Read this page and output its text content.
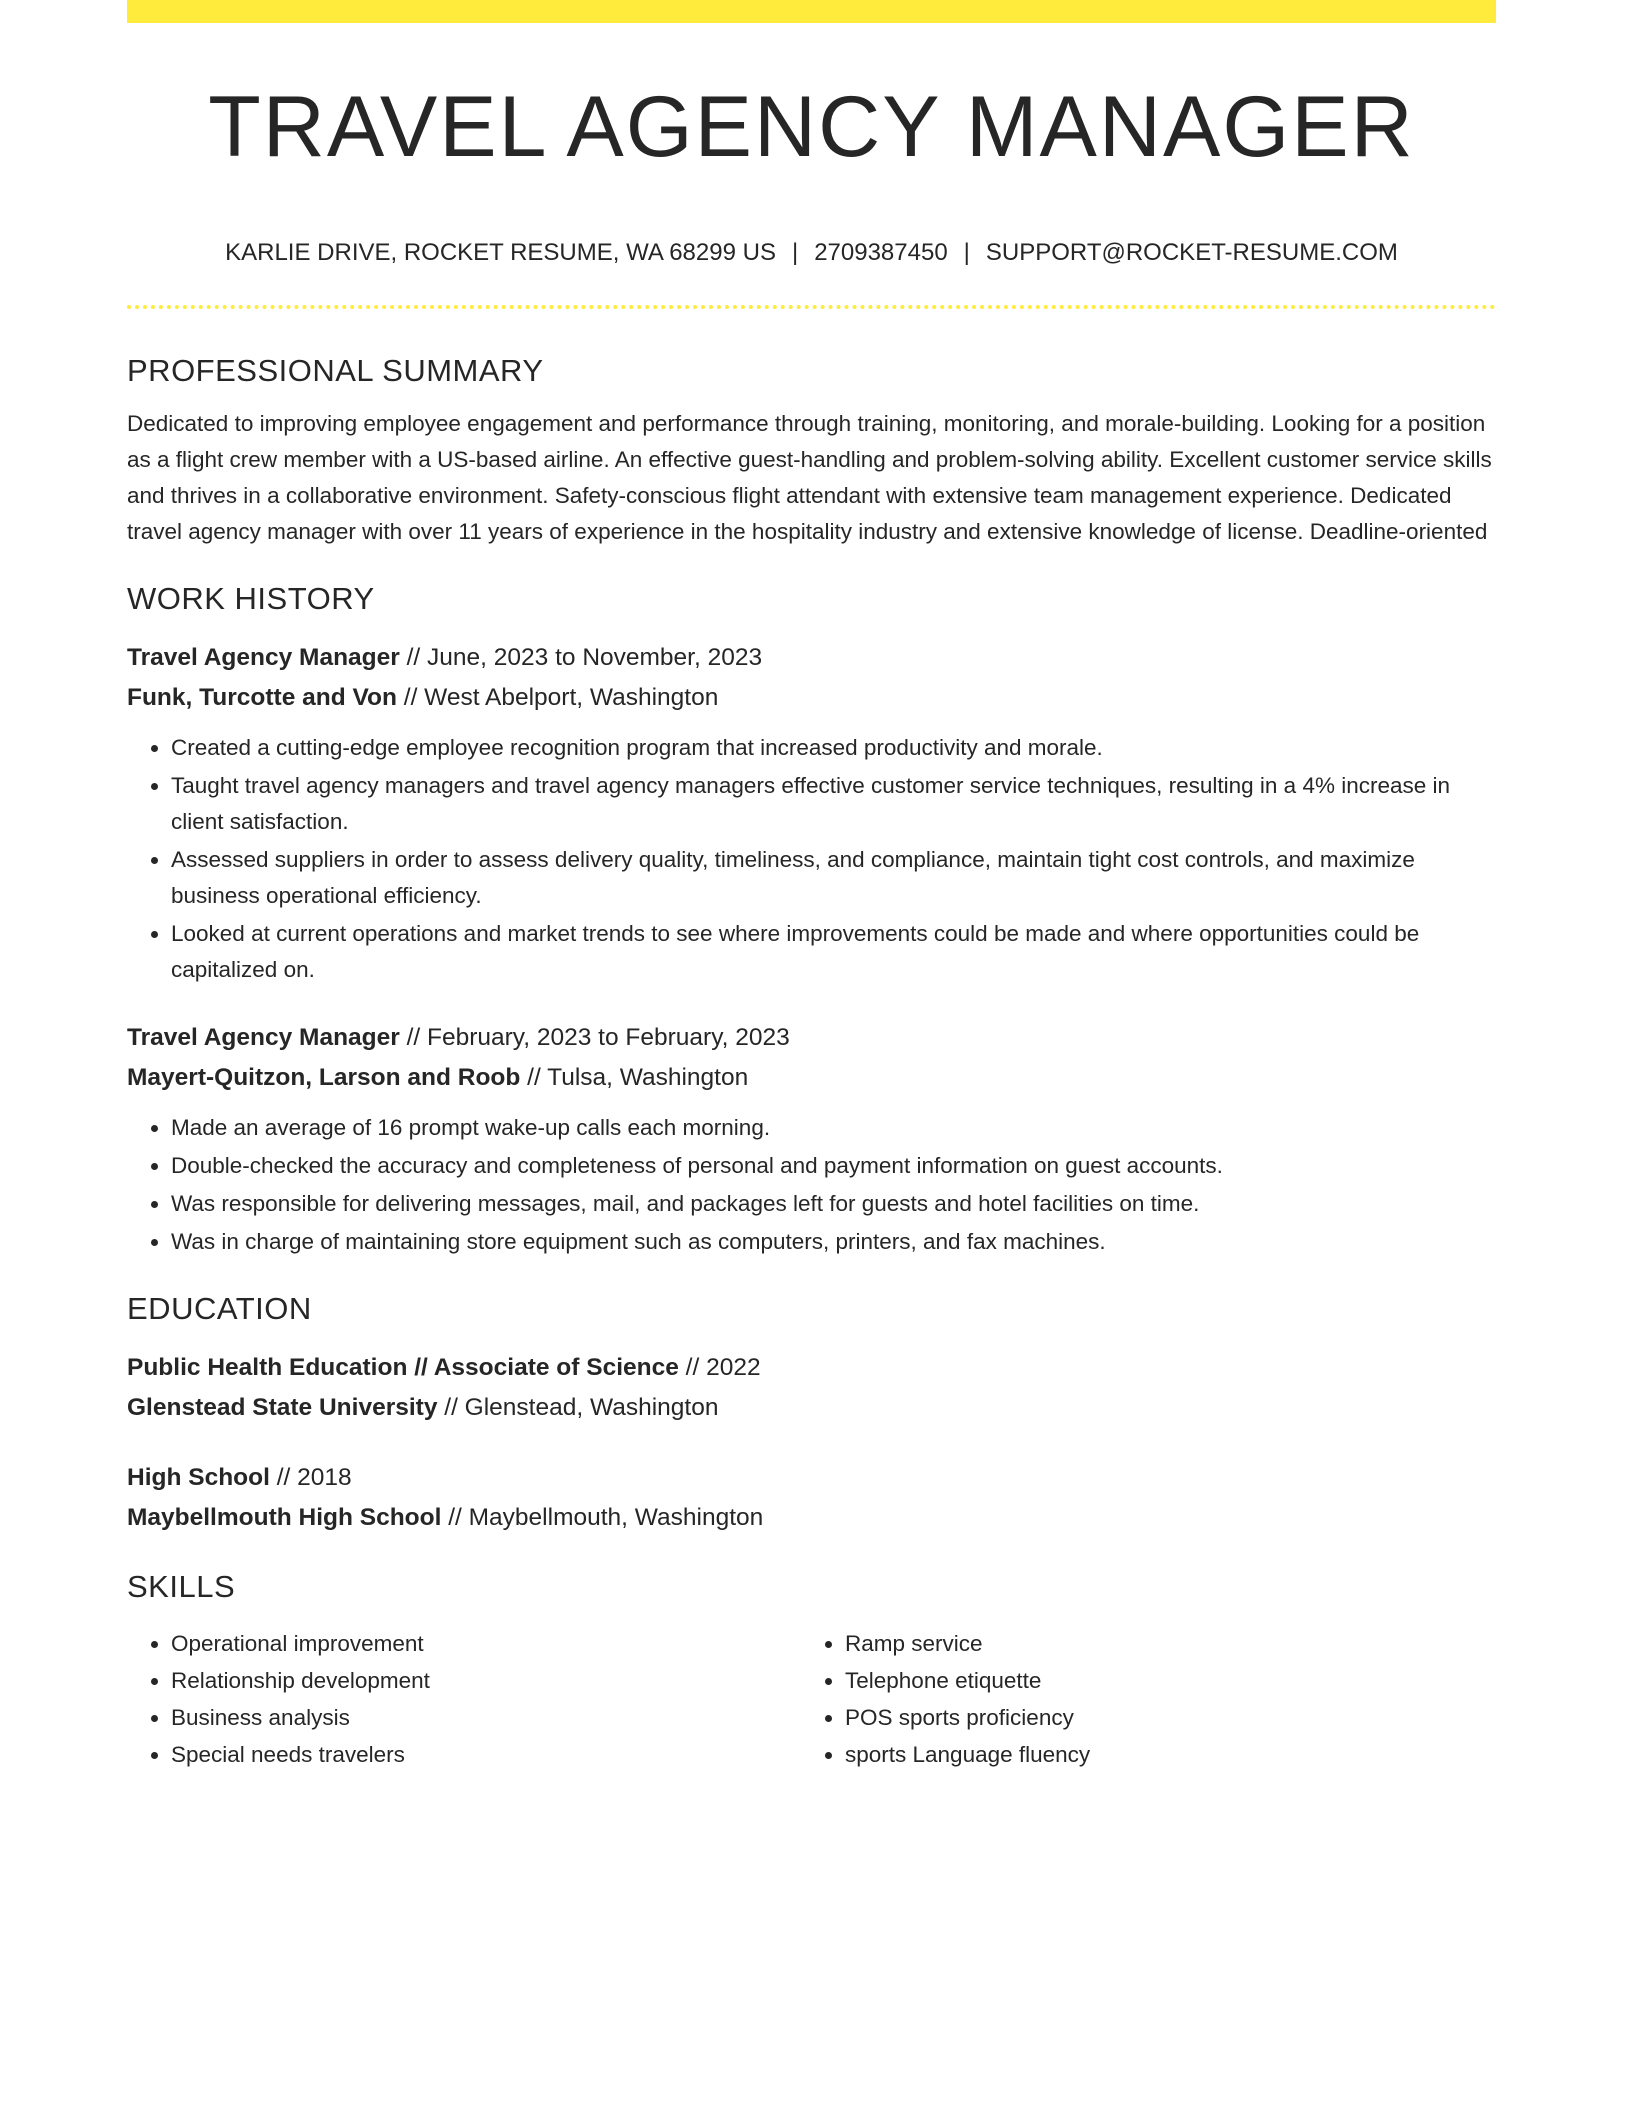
TRAVEL AGENCY MANAGER
KARLIE DRIVE, ROCKET RESUME, WA 68299 US | 2709387450 | SUPPORT@ROCKET-RESUME.COM
PROFESSIONAL SUMMARY

Dedicated to improving employee engagement and performance through training, monitoring, and morale-building. Looking for a position as a flight crew member with a US-based airline. An effective guest-handling and problem-solving ability. Excellent customer service skills and thrives in a collaborative environment. Safety-conscious flight attendant with extensive team management experience. Dedicated travel agency manager with over 11 years of experience in the hospitality industry and extensive knowledge of license. Deadline-oriented

WORK HISTORY
Travel Agency Manager // June, 2023 to November, 2023
Funk, Turcotte and Von // West Abelport, Washington
• Created a cutting-edge employee recognition program that increased productivity and morale.
• Taught travel agency managers and travel agency managers effective customer service techniques, resulting in a 4% increase in client satisfaction.
• Assessed suppliers in order to assess delivery quality, timeliness, and compliance, maintain tight cost controls, and maximize business operational efficiency.
• Looked at current operations and market trends to see where improvements could be made and where opportunities could be capitalized on.
Travel Agency Manager // February, 2023 to February, 2023
Mayert-Quitzon, Larson and Roob // Tulsa, Washington
• Made an average of 16 prompt wake-up calls each morning.
• Double-checked the accuracy and completeness of personal and payment information on guest accounts.
• Was responsible for delivering messages, mail, and packages left for guests and hotel facilities on time.
• Was in charge of maintaining store equipment such as computers, printers, and fax machines.
EDUCATION
Public Health Education // Associate of Science // 2022
Glenstead State University // Glenstead, Washington
High School // 2018
Maybellmouth High School // Maybellmouth, Washington
SKILLS
• Operational improvement
• Relationship development
• Business analysis
• Special needs travelers
• Ramp service
• Telephone etiquette
• POS sports proficiency
• sports Language fluency
